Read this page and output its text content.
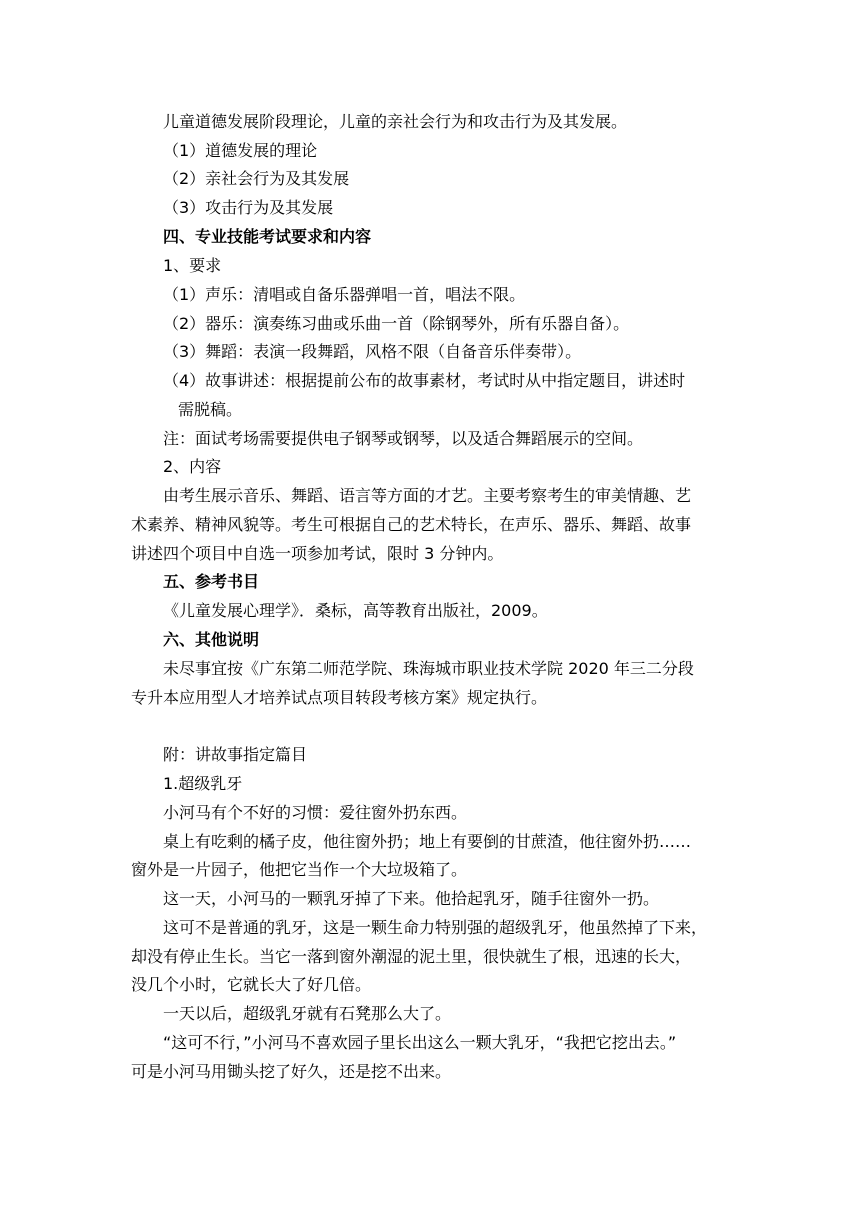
儿童道德发展阶段理论，儿童的亲社会行为和攻击行为及其发展。
（1）道德发展的理论
（2）亲社会行为及其发展
（3）攻击行为及其发展
四、专业技能考试要求和内容
1、要求
（1）声乐：清唱或自备乐器弹唱一首，唱法不限。
（2）器乐：演奏练习曲或乐曲一首（除钢琴外，所有乐器自备）。
（3）舞蹈：表演一段舞蹈，风格不限（自备音乐伴奏带）。
（4）故事讲述：根据提前公布的故事素材，考试时从中指定题目，讲述时
需脱稿。
注：面试考场需要提供电子钢琴或钢琴，以及适合舞蹈展示的空间。
2、内容
由考生展示音乐、舞蹈、语言等方面的才艺。主要考察考生的审美情趣、艺
术素养、精神风貌等。考生可根据自己的艺术特长，在声乐、器乐、舞蹈、故事
讲述四个项目中自选一项参加考试，限时 3 分钟内。
五、参考书目
《儿童发展心理学》．桑标，高等教育出版社，2009。
六、其他说明
未尽事宜按《广东第二师范学院、珠海城市职业技术学院 2020 年三二分段
专升本应用型人才培养试点项目转段考核方案》规定执行。
附：讲故事指定篇目
1.超级乳牙
小河马有个不好的习惯：爱往窗外扔东西。
桌上有吃剩的橘子皮，他往窗外扔；地上有要倒的甘蔗渣，他往窗外扔……
窗外是一片园子，他把它当作一个大垃圾箱了。
这一天，小河马的一颗乳牙掉了下来。他拾起乳牙，随手往窗外一扔。
这可不是普通的乳牙，这是一颗生命力特别强的超级乳牙，他虽然掉了下来，
却没有停止生长。当它一落到窗外潮湿的泥土里，很快就生了根，迅速的长大，
没几个小时，它就长大了好几倍。
一天以后，超级乳牙就有石凳那么大了。
“这可不行，”小河马不喜欢园子里长出这么一颗大乳牙，“我把它挖出去。”
可是小河马用锄头挖了好久，还是挖不出来。
